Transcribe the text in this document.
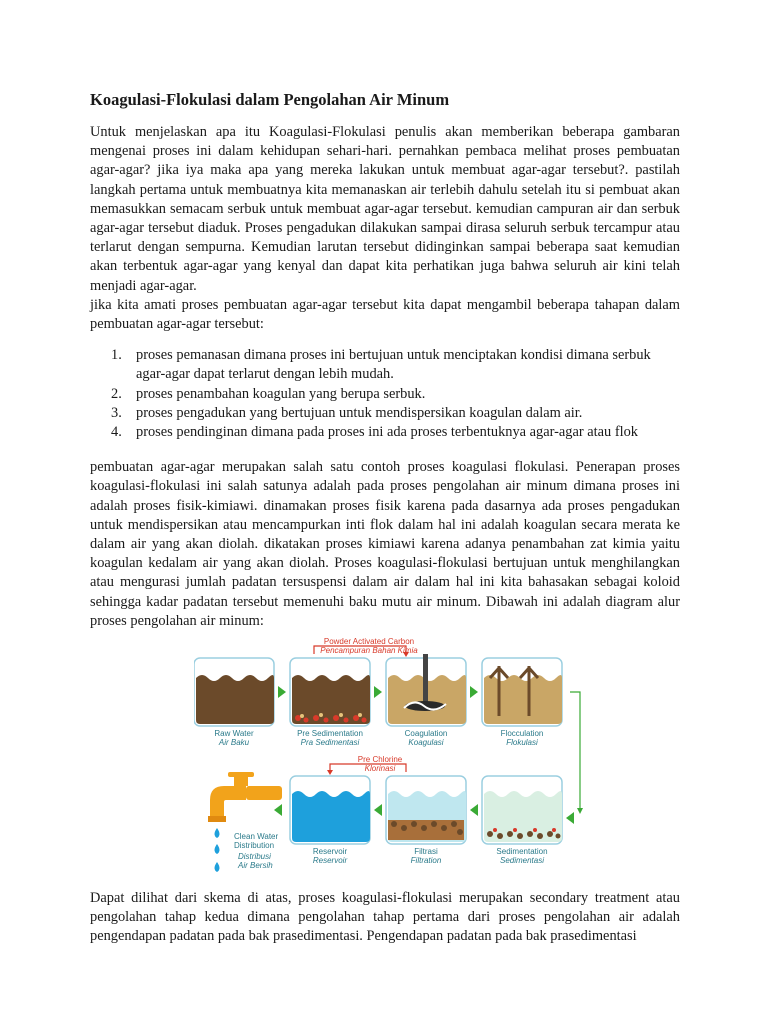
Koagulasi-Flokulasi dalam Pengolahan Air Minum

Untuk menjelaskan apa itu Koagulasi-Flokulasi penulis akan memberikan beberapa gambaran mengenai proses ini dalam kehidupan sehari-hari. pernahkan pembaca melihat proses pembuatan agar-agar? jika iya maka apa yang mereka lakukan untuk membuat agar-agar tersebut?. pastilah langkah pertama untuk membuatnya kita memanaskan air terlebih dahulu setelah itu si pembuat akan memasukkan semacam serbuk untuk membuat agar-agar tersebut. kemudian campuran air dan serbuk agar-agar tersebut diaduk. Proses pengadukan dilakukan sampai dirasa seluruh serbuk tercampur atau terlarut dengan sempurna. Kemudian larutan tersebut didinginkan sampai beberapa saat kemudian akan terbentuk agar-agar yang kenyal dan dapat kita perhatikan juga bahwa seluruh air kini telah menjadi agar-agar.

jika kita amati proses pembuatan agar-agar tersebut kita dapat mengambil beberapa tahapan dalam pembuatan agar-agar tersebut:

1. proses pemanasan dimana proses ini bertujuan untuk menciptakan kondisi dimana serbuk agar-agar dapat terlarut dengan lebih mudah.
2. proses penambahan koagulan yang berupa serbuk.
3. proses pengadukan yang bertujuan untuk mendispersikan koagulan dalam air.
4. proses pendinginan dimana pada proses ini ada proses terbentuknya agar-agar atau flok

pembuatan agar-agar merupakan salah satu contoh proses koagulasi flokulasi. Penerapan proses koagulasi-flokulasi ini salah satunya adalah pada proses pengolahan air minum dimana proses ini adalah proses fisik-kimiawi. dinamakan proses fisik karena pada dasarnya ada proses pengadukan untuk mendispersikan atau mencampurkan inti flok dalam hal ini adalah koagulan secara merata ke dalam air yang akan diolah. dikatakan proses kimiawi karena adanya penambahan zat kimia yaitu koagulan kedalam air yang akan diolah. Proses koagulasi-flokulasi bertujuan untuk menghilangkan atau mengurasi jumlah padatan tersuspensi dalam air dalam hal ini kita bahasakan sebagai koloid sehingga kadar padatan tersebut memenuhi baku mutu air minum. Dibawah ini adalah diagram alur proses pengolahan air minum:

Powder Activated Carbon
Pencampuran Bahan Kimia
Raw Water
Air Baku
Pre Sedimentation
Pra Sedimentasi
Coagulation
Koagulasi
Flocculation
Flokulasi
Pre Chlorine
Klorinasi
Clean Water
Distribution
Distribusi
Air Bersih
Reservoir
Reservoir
Filtrasi
Filtration
Sedimentation
Sedimentasi

Dapat dilihat dari skema di atas, proses koagulasi-flokulasi merupakan secondary treatment atau pengolahan tahap kedua dimana pengolahan tahap pertama dari proses pengolahan air adalah pengendapan padatan pada bak prasedimentasi. Pengendapan padatan pada bak prasedimentasi
